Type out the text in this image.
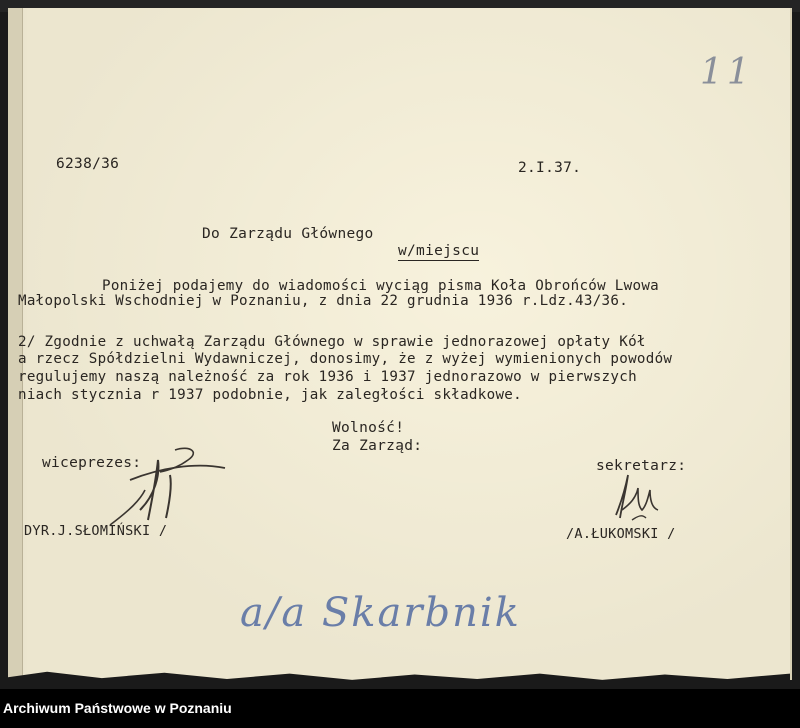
11
6238/36	2.I.37.
Do Zarządu Głównego
w/miejscu
Poniżej podajemy do wiadomości wyciąg pisma Koła Obrońców Lwowa
Małopolski Wschodniej w Poznaniu, z dnia 22 grudnia 1936 r.Ldz.43/36.
2/ Zgodnie z uchwałą Zarządu Głównego w sprawie jednorazowej opłaty Kół
a rzecz Spółdzielni Wydawniczej, donosimy, że z wyżej wymienionych powodów
regulujemy naszą należność za rok 1936 i 1937 jednorazowo w pierwszych
niach stycznia r 1937 podobnie, jak zaległości składkowe.
Wolność!
Za Zarząd:
wiceprezes:	sekretarz:
DYR.J.SŁOMIŃSKI /	/A.ŁUKOMSKI /
a/a Skarbnik
Archiwum Państwowe w Poznaniu
